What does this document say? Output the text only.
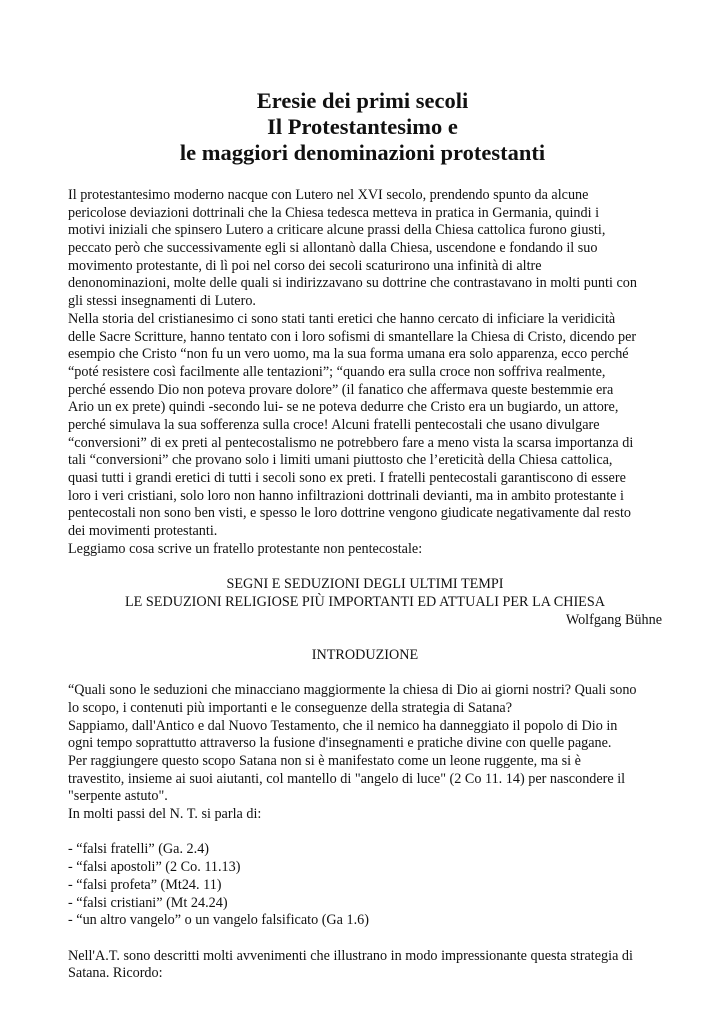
Eresie dei primi secoli
Il Protestantesimo e
le maggiori denominazioni protestanti
Il protestantesimo moderno nacque con Lutero nel XVI secolo, prendendo spunto da alcune
pericolose deviazioni dottrinali che la Chiesa tedesca metteva in pratica in Germania, quindi i
motivi iniziali che spinsero Lutero a criticare alcune prassi della Chiesa cattolica furono giusti,
peccato però che successivamente egli si allontanò dalla Chiesa, uscendone e fondando il suo
movimento protestante, di lì poi nel corso dei secoli scaturirono una infinità di altre
denonominazioni, molte delle quali si indirizzavano su dottrine che contrastavano in molti punti con
gli stessi insegnamenti di Lutero.
Nella storia del cristianesimo ci sono stati tanti eretici che hanno cercato di inficiare la veridicità
delle Sacre Scritture, hanno tentato con i loro sofismi di smantellare la Chiesa di Cristo, dicendo per
esempio che Cristo “non fu un vero uomo, ma la sua forma umana era solo apparenza, ecco perché
“poté resistere così facilmente alle tentazioni”; “quando era sulla croce non soffriva realmente,
perché essendo Dio non poteva provare dolore” (il fanatico che affermava queste bestemmie era
Ario un ex prete) quindi -secondo lui- se ne poteva dedurre che Cristo era un bugiardo, un attore,
perché simulava la sua sofferenza sulla croce! Alcuni fratelli pentecostali che usano divulgare
“conversioni” di ex preti al pentecostalismo ne potrebbero fare a meno vista la scarsa importanza di
tali “conversioni” che provano solo i limiti umani piuttosto che l’ereticità della Chiesa cattolica,
quasi tutti i grandi eretici di tutti i secoli sono ex preti. I fratelli pentecostali garantiscono di essere
loro i veri cristiani, solo loro non hanno infiltrazioni dottrinali devianti, ma in ambito protestante i
pentecostali non sono ben visti, e spesso le loro dottrine vengono giudicate negativamente dal resto
dei movimenti protestanti.
Leggiamo cosa scrive un fratello protestante non pentecostale:
SEGNI E SEDUZIONI DEGLI ULTIMI TEMPI
LE SEDUZIONI RELIGIOSE PIÙ IMPORTANTI ED ATTUALI PER LA CHIESA
Wolfgang Bühne
INTRODUZIONE
“Quali sono le seduzioni che minacciano maggiormente la chiesa di Dio ai giorni nostri? Quali sono
lo scopo, i contenuti più importanti e le conseguenze della strategia di Satana?
Sappiamo, dall'Antico e dal Nuovo Testamento, che il nemico ha danneggiato il popolo di Dio in
ogni tempo soprattutto attraverso la fusione d'insegnamenti e pratiche divine con quelle pagane.
Per raggiungere questo scopo Satana non si è manifestato come un leone ruggente, ma si è
travestito, insieme ai suoi aiutanti, col mantello di "angelo di luce" (2 Co 11. 14) per nascondere il
"serpente astuto".
In molti passi del N. T. si parla di:
- “falsi fratelli” (Ga. 2.4)
- “falsi apostoli” (2 Co. 11.13)
- “falsi profeta” (Mt24. 11)
- “falsi cristiani” (Mt 24.24)
- “un altro vangelo” o un vangelo falsificato (Ga 1.6)
Nell'A.T. sono descritti molti avvenimenti che illustrano in modo impressionante questa strategia di
Satana. Ricordo:
